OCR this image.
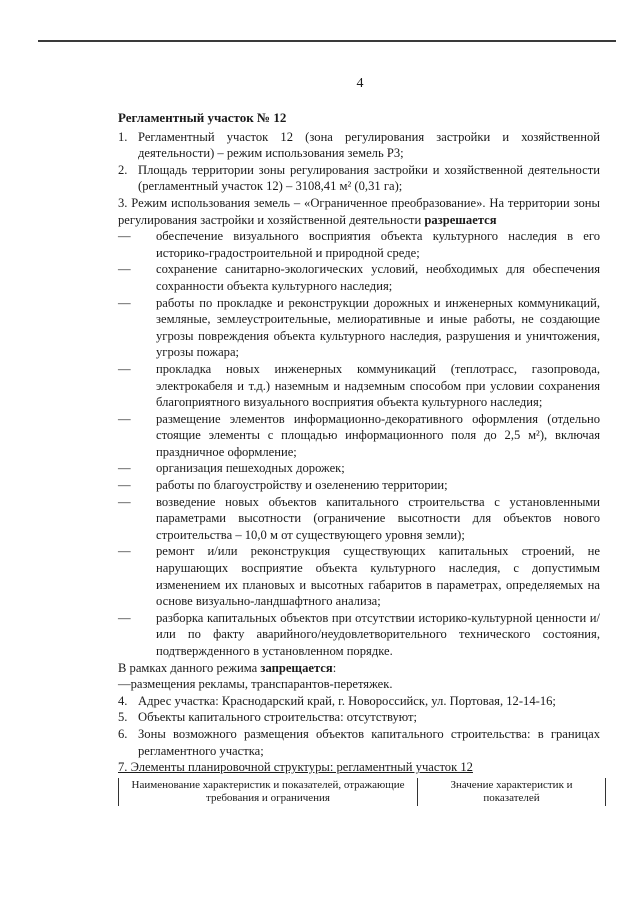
4
Регламентный участок № 12
1. Регламентный участок 12 (зона регулирования застройки и хозяйственной деятельности) – режим использования земель Р3;
2. Площадь территории зоны регулирования застройки и хозяйственной деятельности (регламентный участок 12) – 3108,41 м² (0,31 га);

3. Режим использования земель – «Ограниченное преобразование». На территории зоны регулирования застройки и хозяйственной деятельности разрешается

—	обеспечение визуального восприятия объекта культурного наследия в его историко-градостроительной и природной среде;
—	сохранение санитарно-экологических условий, необходимых для обеспечения сохранности объекта культурного наследия;
—	работы по прокладке и реконструкции дорожных и инженерных коммуникаций, земляные, землеустроительные, мелиоративные и иные работы, не создающие угрозы повреждения объекта культурного наследия, разрушения и уничтожения, угрозы пожара;
—	прокладка новых инженерных коммуникаций (теплотрасс, газопровода, электрокабеля и т.д.) наземным и надземным способом при условии сохранения благоприятного визуального восприятия объекта культурного наследия;
—	размещение элементов информационно-декоративного оформления (отдельно стоящие элементы с площадью информационного поля до 2,5 м²), включая праздничное оформление;
—	организация пешеходных дорожек;
—	работы по благоустройству и озеленению территории;
—	возведение новых объектов капитального строительства с установленными параметрами высотности (ограничение высотности для объектов нового строительства – 10,0 м от существующего уровня земли);
—	ремонт и/или реконструкция существующих капитальных строений, не нарушающих восприятие объекта культурного наследия, с допустимым изменением их плановых и высотных габаритов в параметрах, определяемых на основе визуально-ландшафтного анализа;
—	разборка капитальных объектов при отсутствии историко-культурной ценности и/или по факту аварийного/неудовлетворительного технического состояния, подтвержденного в установленном порядке.

В рамках данного режима запрещается:

—размещения рекламы, транспарантов-перетяжек.

4. Адрес участка: Краснодарский край, г. Новороссийск, ул. Портовая, 12-14-16;
5. Объекты капитального строительства: отсутствуют;
6. Зоны возможного размещения объектов капитального строительства: в границах регламентного участка;

7. Элементы планировочной структуры: регламентный участок 12

Наименование характеристик и показателей, отражающие требования и ограничения	Значение характеристик и показателей
